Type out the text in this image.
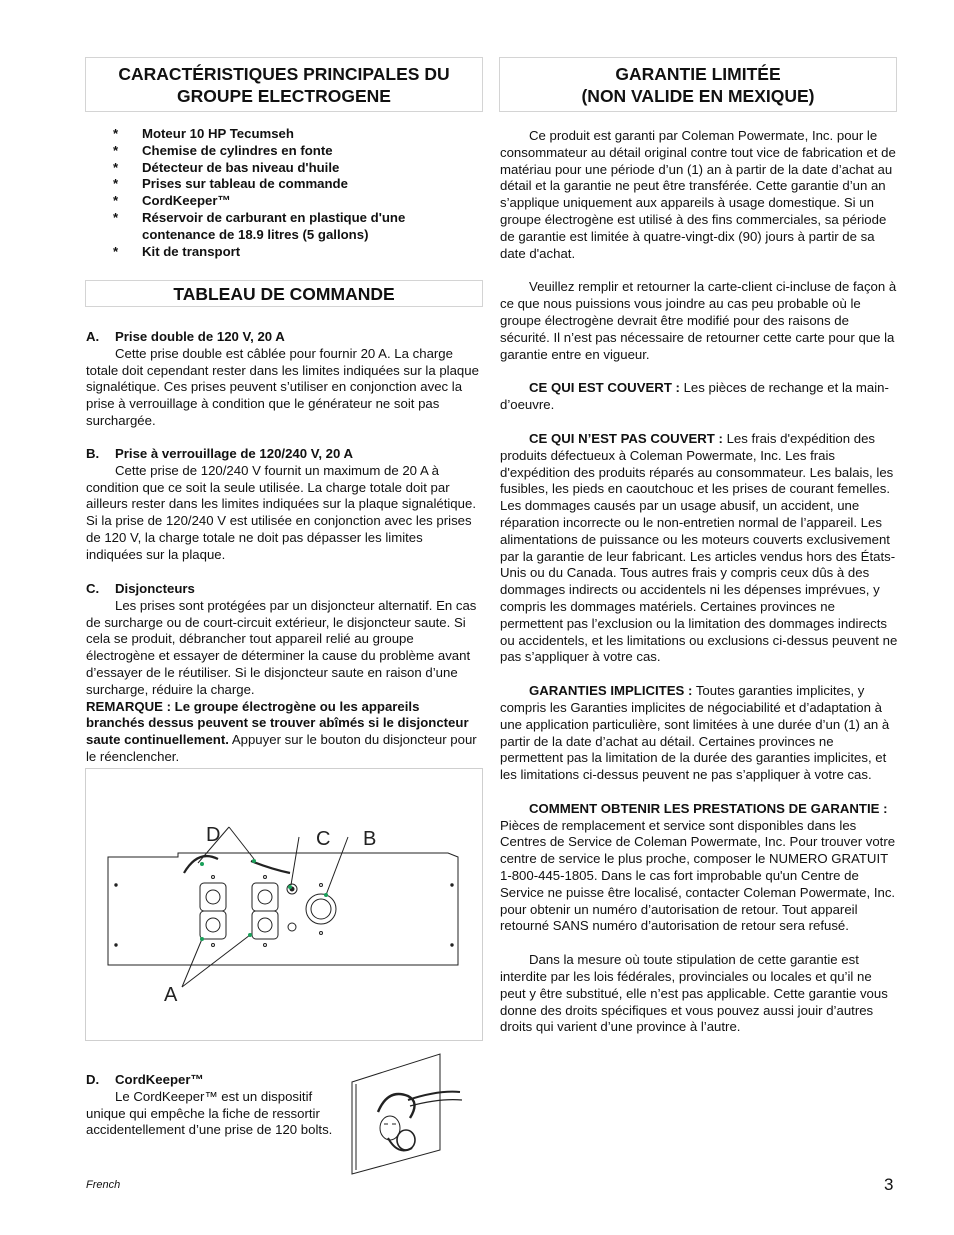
CARACTÉRISTIQUES PRINCIPALES DU
GROUPE ELECTROGENE
*	Moteur 10 HP Tecumseh
*	Chemise de cylindres en fonte
*	Détecteur de bas niveau d'huile
*	Prises sur tableau de commande
*	CordKeeper™
*	Réservoir de carburant en plastique d'une contenance de 18.9 litres (5 gallons)
*	Kit de transport
TABLEAU DE COMMANDE
A. Prise double de 120 V, 20 A

Cette prise double est câblée pour fournir 20 A. La charge totale doit cependant rester dans les limites indiquées sur la plaque signalétique. Ces prises peuvent s’utiliser en conjonction avec la prise à verrouillage à condition que le générateur ne soit pas surchargée.

B. Prise à verrouillage de 120/240 V, 20 A

Cette prise de 120/240 V fournit un maximum de 20 A à condition que ce soit la seule utilisée. La charge totale doit par ailleurs rester dans les limites indiquées sur la plaque signalétique. Si la prise de 120/240 V est utilisée en conjonction avec les prises de 120 V, la charge totale ne doit pas dépasser les limites indiquées sur la plaque.

C. Disjoncteurs

Les prises sont protégées par un disjoncteur alternatif. En cas de surcharge ou de court-circuit extérieur, le disjoncteur saute. Si cela se produit, débrancher tout appareil relié au groupe électrogène et essayer de déterminer la cause du problème avant d’essayer de le réutiliser. Si le disjoncteur saute en raison d’une surcharge, réduire la charge.

REMARQUE : Le groupe électrogène ou les appareils branchés dessus peuvent se trouver abîmés si le disjoncteur saute continuellement. Appuyer sur le bouton du disjoncteur pour le réenclencher.

D	C B
A
D. CordKeeper™

Le CordKeeper™ est un dispositif unique qui empêche la fiche de ressortir accidentellement d’une prise de 120 bolts.

GARANTIE LIMITÉE
(NON VALIDE EN MEXIQUE)

Ce produit est garanti par Coleman Powermate, Inc. pour le consommateur au détail original contre tout vice de fabrication et de matériau pour une période d’un (1) an à partir de la date d’achat au détail et la garantie ne peut être transférée. Cette garantie d’un an s’applique uniquement aux appareils à usage domestique. Si un groupe électrogène est utilisé à des fins commerciales, sa période de garantie est limitée à quatre-vingt-dix (90) jours à partir de sa date d'achat.

Veuillez remplir et retourner la carte-client ci-incluse de façon à ce que nous puissions vous joindre au cas peu probable où le groupe électrogène devrait être modifié pour des raisons de sécurité. Il n’est pas nécessaire de retourner cette carte pour que la garantie entre en vigueur.

CE QUI EST COUVERT : Les pièces de rechange et la main-d’oeuvre.

CE QUI N’EST PAS COUVERT : Les frais d'expédition des produits défectueux à Coleman Powermate, Inc. Les frais d'expédition des produits réparés au consommateur. Les balais, les fusibles, les pieds en caoutchouc et les prises de courant femelles. Les dommages causés par un usage abusif, un accident, une réparation incorrecte ou le non-entretien normal de l’appareil. Les alimentations de puissance ou les moteurs couverts exclusivement par la garantie de leur fabricant. Les articles vendus hors des États-Unis ou du Canada. Tous autres frais y compris ceux dûs à des dommages indirects ou accidentels ni les dépenses imprévues, y compris les dommages matériels. Certaines provinces ne permettent pas l’exclusion ou la limitation des dommages indirects ou accidentels, et les limitations ou exclusions ci-dessus peuvent ne pas s’appliquer à votre cas.

GARANTIES IMPLICITES : Toutes garanties implicites, y compris les Garanties implicites de négociabilité et d’adaptation à une application particulière, sont limitées à une durée d’un (1) an à partir de la date d’achat au détail. Certaines provinces ne permettent pas la limitation de la durée des garanties implicites, et les limitations ci-dessus peuvent ne pas s’appliquer à votre cas.

COMMENT OBTENIR LES PRESTATIONS DE GARANTIE : Pièces de remplacement et service sont disponibles dans les Centres de Service de Coleman Powermate, Inc. Pour trouver votre centre de service le plus proche, composer le NUMERO GRATUIT 1-800-445-1805. Dans le cas fort improbable qu'un Centre de Service ne puisse être localisé, contacter Coleman Powermate, Inc. pour obtenir un numéro d’autorisation de retour. Tout appareil retourné SANS numéro d’autorisation de retour sera refusé.

Dans la mesure où toute stipulation de cette garantie est interdite par les lois fédérales, provinciales ou locales et qu’il ne peut y être substitué, elle n’est pas applicable. Cette garantie vous donne des droits spécifiques et vous pouvez aussi jouir d’autres droits qui varient d’une province à l’autre.

French	3
